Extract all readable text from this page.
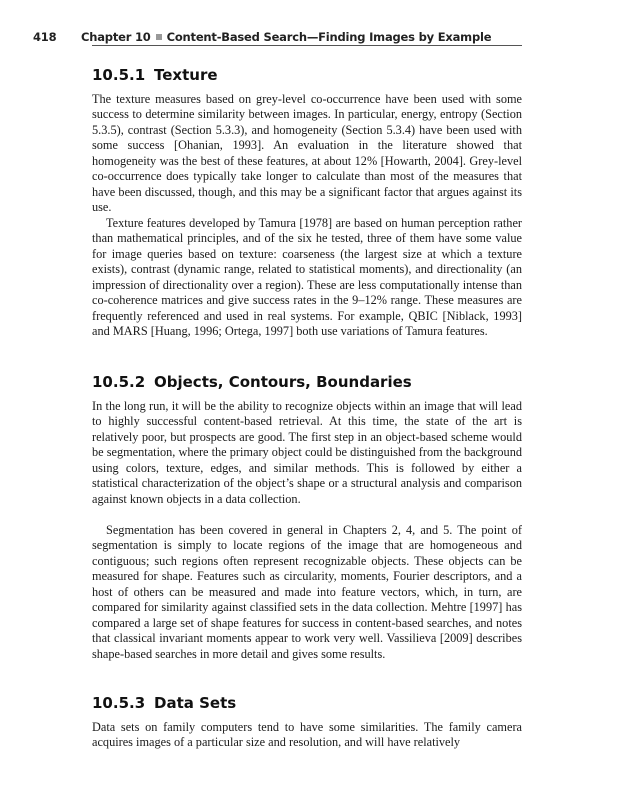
418 Chapter 10 Content-Based Search—Finding Images by Example
10.5.1 Texture

The texture measures based on grey-level co-occurrence have been used with some success to determine similarity between images. In particular, energy, entropy (Section 5.3.5), contrast (Section 5.3.3), and homogeneity (Section 5.3.4) have been used with some success [Ohanian, 1993]. An evaluation in the literature showed that homogeneity was the best of these features, at about 12% [Howarth, 2004]. Grey-level co-occurrence does typically take longer to calculate than most of the measures that have been discussed, though, and this may be a significant factor that argues against its use.

Texture features developed by Tamura [1978] are based on human perception rather than mathematical principles, and of the six he tested, three of them have some value for image queries based on texture: coarseness (the largest size at which a texture exists), contrast (dynamic range, related to statistical moments), and directionality (an impression of directionality over a region). These are less computationally intense than co-coherence matrices and give success rates in the 9–12% range. These measures are frequently referenced and used in real systems. For example, QBIC [Niblack, 1993] and MARS [Huang, 1996; Ortega, 1997] both use variations of Tamura features.

10.5.2 Objects, Contours, Boundaries

In the long run, it will be the ability to recognize objects within an image that will lead to highly successful content-based retrieval. At this time, the state of the art is relatively poor, but prospects are good. The first step in an object-based scheme would be segmentation, where the primary object could be distinguished from the background using colors, texture, edges, and similar methods. This is followed by either a statistical characterization of the object’s shape or a structural analysis and comparison against known objects in a data collection.

Segmentation has been covered in general in Chapters 2, 4, and 5. The point of segmentation is simply to locate regions of the image that are homogeneous and contiguous; such regions often represent recognizable objects. These objects can be measured for shape. Features such as circularity, moments, Fourier descriptors, and a host of others can be measured and made into feature vectors, which, in turn, are compared for similarity against classified sets in the data collection. Mehtre [1997] has compared a large set of shape features for success in content-based searches, and notes that classical invariant moments appear to work very well. Vassilieva [2009] describes shape-based searches in more detail and gives some results.

10.5.3 Data Sets

Data sets on family computers tend to have some similarities. The family camera acquires images of a particular size and resolution, and will have relatively
